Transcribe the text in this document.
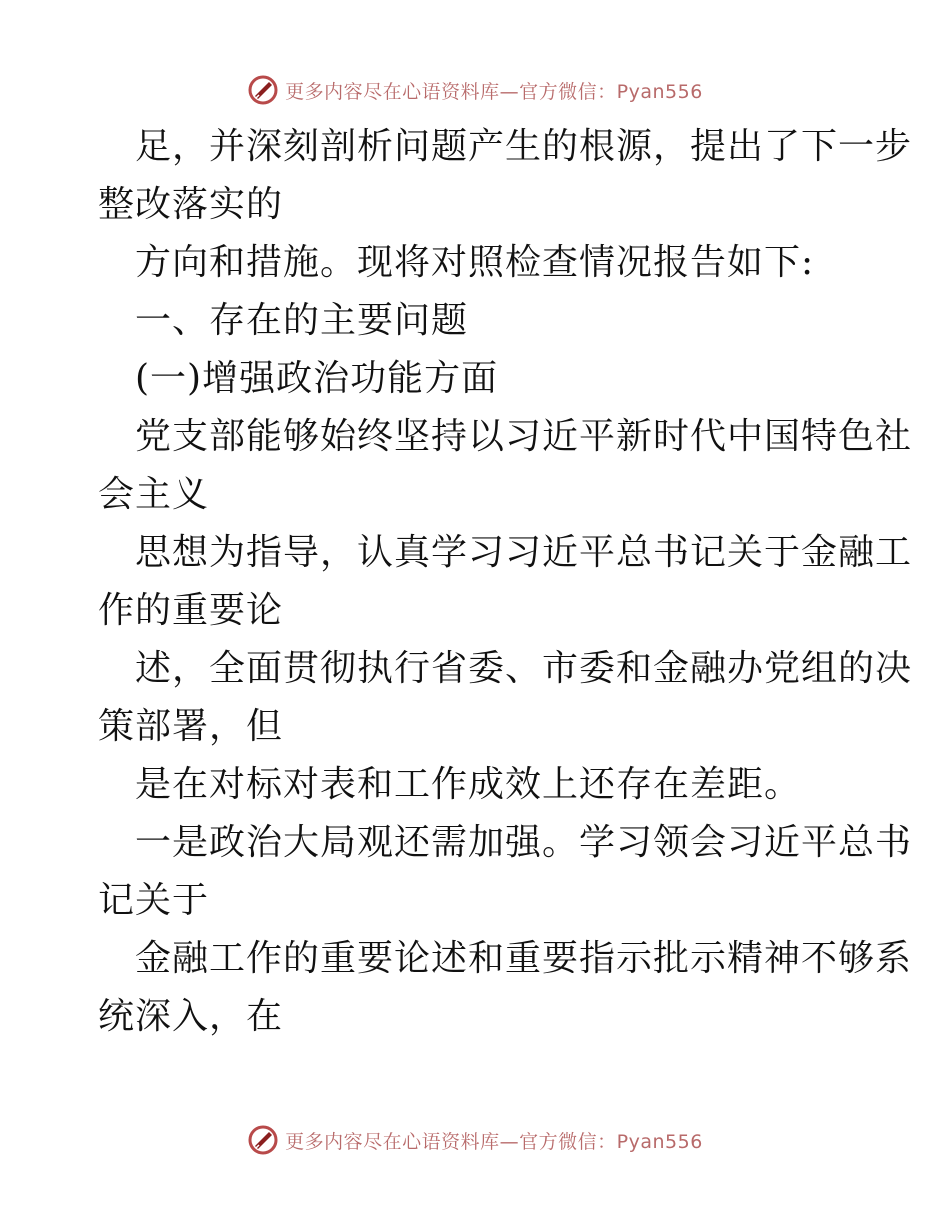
更多内容尽在心语资料库—官方微信：Pyan556
足，并深刻剖析问题产生的根源，提出了下一步
整改落实的
方向和措施。现将对照检查情况报告如下:
一、存在的主要问题
(一)增强政治功能方面
党支部能够始终坚持以习近平新时代中国特色社
会主义
思想为指导，认真学习习近平总书记关于金融工
作的重要论
述，全面贯彻执行省委、市委和金融办党组的决
策部署，但
是在对标对表和工作成效上还存在差距。
一是政治大局观还需加强。学习领会习近平总书
记关于
金融工作的重要论述和重要指示批示精神不够系
统深入，在
更多内容尽在心语资料库—官方微信：Pyan556
